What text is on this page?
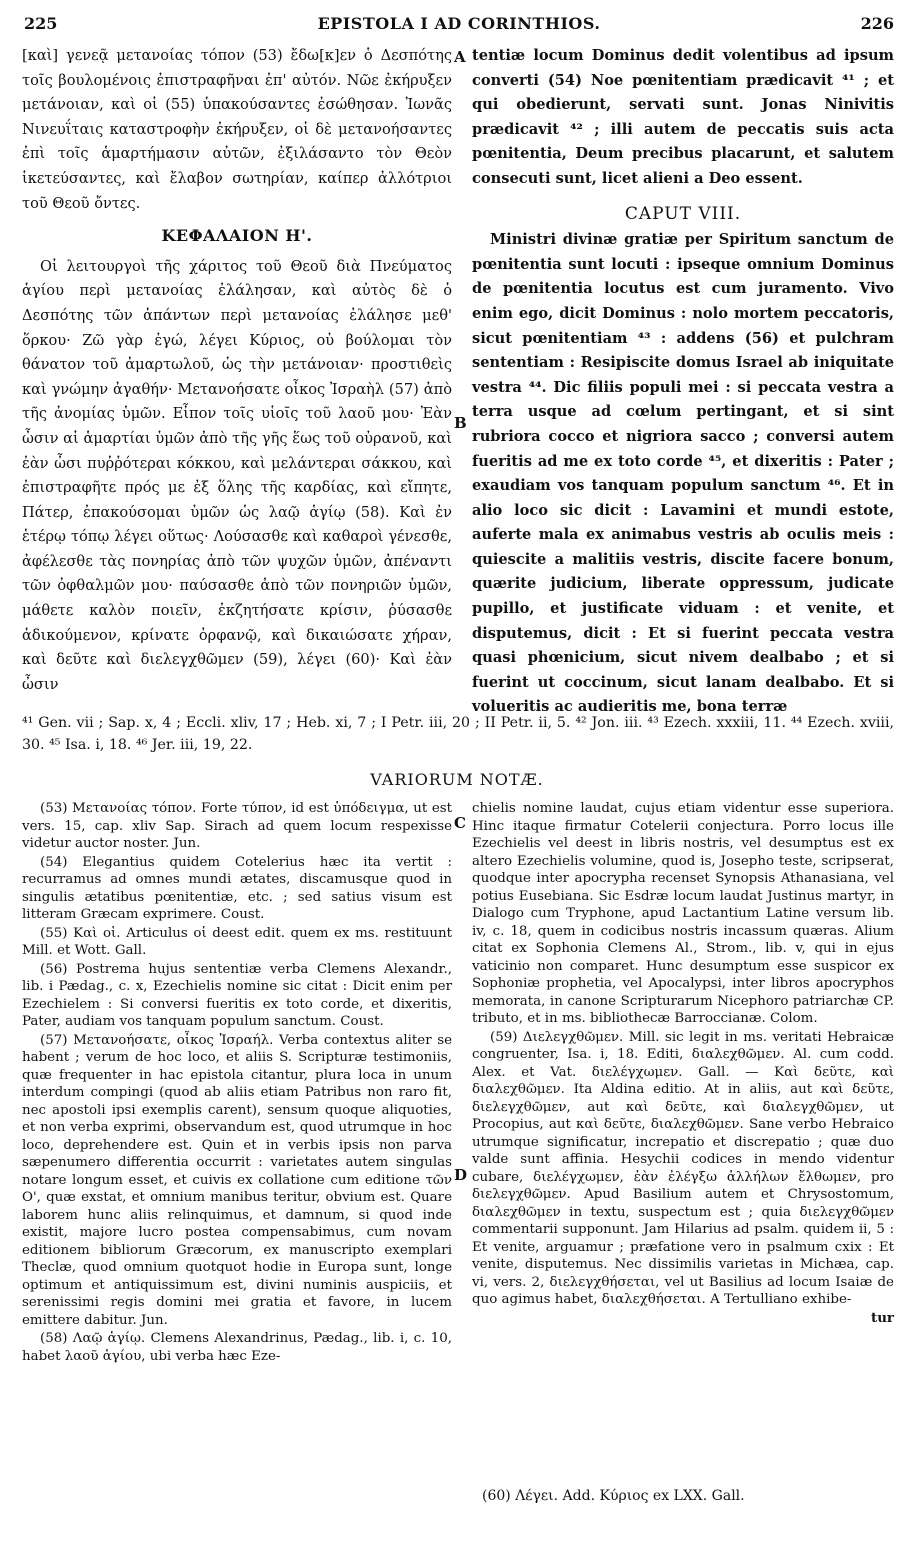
225	EPISTOLA I AD CORINTHIOS.	226

[καὶ] γενεᾷ μετανοίας τόπον (53) ἔδω[κ]εν ὁ Δεσπότης τοῖς βουλομένοις ἐπιστραφῆναι ἐπ' αὐτόν. Νῶε ἐκήρυξεν μετάνοιαν, καὶ οἱ (55) ὑπακούσαντες ἐσώθησαν. Ἰωνᾶς Νινευΐταις καταστροφὴν ἐκήρυξεν, οἱ δὲ μετανοήσαντες ἐπὶ τοῖς ἁμαρτήμασιν αὐτῶν, ἐξιλάσαντο τὸν Θεὸν ἱκετεύσαντες, καὶ ἔλαβον σωτηρίαν, καίπερ ἀλλότριοι τοῦ Θεοῦ ὄντες.

ΚΕΦΑΛΑΙΟΝ Η'.

Οἱ λειτουργοὶ τῆς χάριτος τοῦ Θεοῦ διὰ Πνεύματος ἁγίου περὶ μετανοίας ἐλάλησαν, καὶ αὐτὸς δὲ ὁ Δεσπότης τῶν ἁπάντων περὶ μετανοίας ἐλάλησε μεθ' ὅρκου· Ζῶ γὰρ ἐγώ, λέγει Κύριος, οὐ βούλομαι τὸν θάνατον τοῦ ἁμαρτωλοῦ, ὡς τὴν μετάνοιαν· προστιθεὶς καὶ γνώμην ἀγαθήν· Μετανοήσατε οἶκος Ἰσραὴλ (57) ἀπὸ τῆς ἀνομίας ὑμῶν. Εἶπον τοῖς υἱοῖς τοῦ λαοῦ μου· Ἐὰν ὦσιν αἱ ἁμαρτίαι ὑμῶν ἀπὸ τῆς γῆς ἕως τοῦ οὐρανοῦ, καὶ ἐὰν ὦσι πυῤῥότεραι κόκκου, καὶ μελάντεραι σάκκου, καὶ ἐπιστραφῆτε πρός με ἐξ ὅλης τῆς καρδίας, καὶ εἴπητε, Πάτερ, ἐπακούσομαι ὑμῶν ὡς λαῷ ἁγίῳ (58). Καὶ ἐν ἑτέρῳ τόπῳ λέγει οὕτως· Λούσασθε καὶ καθαροὶ γένεσθε, ἀφέλεσθε τὰς πονηρίας ἀπὸ τῶν ψυχῶν ὑμῶν, ἀπέναντι τῶν ὀφθαλμῶν μου· παύσασθε ἀπὸ τῶν πονηριῶν ὑμῶν, μάθετε καλὸν ποιεῖν, ἐκζητήσατε κρίσιν, ῥύσασθε ἀδικούμενον, κρίνατε ὀρφανῷ, καὶ δικαιώσατε χήραν, καὶ δεῦτε καὶ διελεγχθῶμεν (59), λέγει (60)· Καὶ ἐὰν ὦσιν

A
B

tentiæ locum Dominus dedit volentibus ad ipsum converti (54) Noe pœnitentiam prædicavit ⁴¹ ; et qui obedierunt, servati sunt. Jonas Ninivitis prædicavit ⁴² ; illi autem de peccatis suis acta pœnitentia, Deum precibus placarunt, et salutem consecuti sunt, licet alieni a Deo essent.

CAPUT VIII.

Ministri divinæ gratiæ per Spiritum sanctum de pœnitentia sunt locuti : ipseque omnium Dominus de pœnitentia locutus est cum juramento. Vivo enim ego, dicit Dominus : nolo mortem peccatoris, sicut pœnitentiam ⁴³ : addens (56) et pulchram sententiam : Resipiscite domus Israel ab iniquitate vestra ⁴⁴. Dic filiis populi mei : si peccata vestra a terra usque ad cœlum pertingant, et si sint rubriora cocco et nigriora sacco ; conversi autem fueritis ad me ex toto corde ⁴⁵, et dixeritis : Pater ; exaudiam vos tanquam populum sanctum ⁴⁶. Et in alio loco sic dicit : Lavamini et mundi estote, auferte mala ex animabus vestris ab oculis meis : quiescite a malitiis vestris, discite facere bonum, quærite judicium, liberate oppressum, judicate pupillo, et justificate viduam : et venite, et disputemus, dicit : Et si fuerint peccata vestra quasi phœnicium, sicut nivem dealbabo ; et si fuerint ut coccinum, sicut lanam dealbabo. Et si volueritis ac audieritis me, bona terræ

⁴¹ Gen. vii ; Sap. x, 4 ; Eccli. xliv, 17 ; Heb. xi, 7 ; I Petr. iii, 20 ; II Petr. ii, 5. ⁴² Jon. iii. ⁴³ Ezech. xxxiii, 11. ⁴⁴ Ezech. xviii, 30. ⁴⁵ Isa. i, 18. ⁴⁶ Jer. iii, 19, 22.

VARIORUM NOTÆ.
C
D

(53) Μετανοίας τόπον. Forte τύπον, id est ὑπόδειγμα, ut est vers. 15, cap. xliv Sap. Sirach ad quem locum respexisse videtur auctor noster. Jun.

(54) Elegantius quidem Cotelerius hæc ita vertit : recurramus ad omnes mundi ætates, discamusque quod in singulis ætatibus pœnitentiæ, etc. ; sed satius visum est litteram Græcam exprimere. Coust.

(55) Καὶ οἱ. Articulus οἱ deest edit. quem ex ms. restituunt Mill. et Wott. Gall.

(56) Postrema hujus sententiæ verba Clemens Alexandr., lib. i Pædag., c. x, Ezechielis nomine sic citat : Dicit enim per Ezechielem : Si conversi fueritis ex toto corde, et dixeritis, Pater, audiam vos tanquam populum sanctum. Coust.

(57) Μετανοήσατε, οἶκος Ἰσραήλ. Verba contextus aliter se habent ; verum de hoc loco, et aliis S. Scripturæ testimoniis, quæ frequenter in hac epistola citantur, plura loca in unum interdum compingi (quod ab aliis etiam Patribus non raro fit, nec apostoli ipsi exemplis carent), sensum quoque aliquoties, et non verba exprimi, observandum est, quod utrumque in hoc loco, deprehendere est. Quin et in verbis ipsis non parva sæpenumero differentia occurrit : varietates autem singulas notare longum esset, et cuivis ex collatione cum editione τῶν Ο', quæ exstat, et omnium manibus teritur, obvium est. Quare laborem hunc aliis relinquimus, et damnum, si quod inde existit, majore lucro postea compensabimus, cum novam editionem bibliorum Græcorum, ex manuscripto exemplari Theclæ, quod omnium quotquot hodie in Europa sunt, longe optimum et antiquissimum est, divini numinis auspiciis, et serenissimi regis domini mei gratia et favore, in lucem emittere dabitur. Jun.

(58) Λαῷ ἁγίῳ. Clemens Alexandrinus, Pædag., lib. i, c. 10, habet λαοῦ ἁγίου, ubi verba hæc Eze-

chielis nomine laudat, cujus etiam videntur esse superiora. Hinc itaque firmatur Cotelerii conjectura. Porro locus ille Ezechielis vel deest in libris nostris, vel desumptus est ex altero Ezechielis volumine, quod is, Josepho teste, scripserat, quodque inter apocrypha recenset Synopsis Athanasiana, vel potius Eusebiana. Sic Esdræ locum laudat Justinus martyr, in Dialogo cum Tryphone, apud Lactantium Latine versum lib. iv, c. 18, quem in codicibus nostris incassum quæras. Alium citat ex Sophonia Clemens Al., Strom., lib. v, qui in ejus vaticinio non comparet. Hunc desumptum esse suspicor ex Sophoniæ prophetia, vel Apocalypsi, inter libros apocryphos memorata, in canone Scripturarum Nicephoro patriarchæ CP. tributo, et in ms. bibliothecæ Barroccianæ. Colom.

(59) Διελεγχθῶμεν. Mill. sic legit in ms. veritati Hebraicæ congruenter, Isa. i, 18. Editi, διαλεχθῶμεν. Al. cum codd. Alex. et Vat. διελέγχωμεν. Gall. — Καὶ δεῦτε, καὶ διαλεχθῶμεν. Ita Aldina editio. At in aliis, aut καὶ δεῦτε, διελεγχθῶμεν, aut καὶ δεῦτε, καὶ διαλεγχθῶμεν, ut Procopius, aut καὶ δεῦτε, διαλεχθῶμεν. Sane verbo Hebraico utrumque significatur, increpatio et discrepatio ; quæ duo valde sunt affinia. Hesychii codices in mendo videntur cubare, διελέγχωμεν, ἐὰν ἐλέγξω ἀλλήλων ἔλθωμεν, pro διελεγχθῶμεν. Apud Basilium autem et Chrysostomum, διαλεχθῶμεν in textu, suspectum est ; quia διελεγχθῶμεν commentarii supponunt. Jam Hilarius ad psalm. quidem ii, 5 : Et venite, arguamur ; præfatione vero in psalmum cxix : Et venite, disputemus. Nec dissimilis varietas in Michæa, cap. vi, vers. 2, διελεγχθήσεται, vel ut Basilius ad locum Isaiæ de quo agimus habet, διαλεχθήσεται. A Tertulliano exhibe-

tur

(60) Λέγει. Add. Κύριος ex LXX. Gall.
